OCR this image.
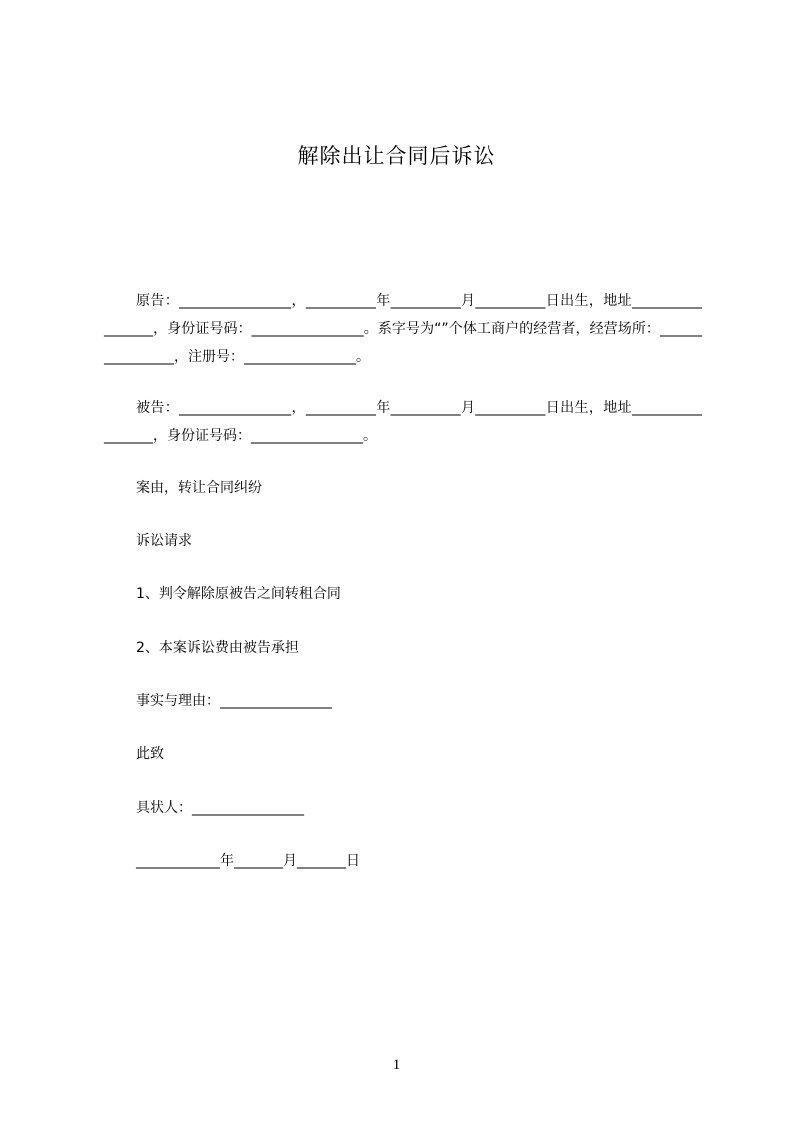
解除出让合同后诉讼
原告：________________，__________年__________月__________日出生，地址_________________，身份证号码：________________。系字号为“”个体工商户的经营者，经营场所：________________，注册号：________________。
被告：________________，__________年__________月__________日出生，地址_________________，身份证号码：________________。
案由，转让合同纠纷
诉讼请求
1、判令解除原被告之间转租合同
2、本案诉讼费由被告承担
事实与理由：________________
此致
具状人：________________
____________年_______月_______日
1
